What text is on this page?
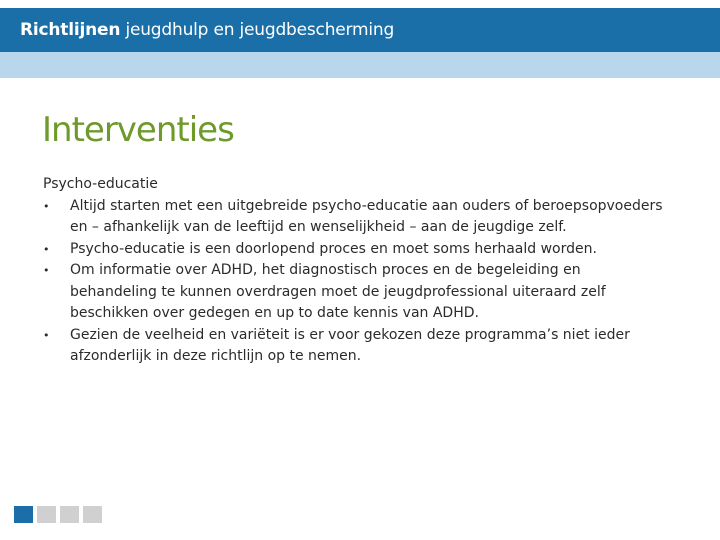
Richtlijnen jeugdhulp en jeugdbescherming
Interventies

Psycho-educatie

• Altijd starten met een uitgebreide psycho-educatie aan ouders of beroepsopvoeders en – afhankelijk van de leeftijd en wenselijkheid – aan de jeugdige zelf.
• Psycho-educatie is een doorlopend proces en moet soms herhaald worden.
• Om informatie over ADHD, het diagnostisch proces en de begeleiding en behandeling te kunnen overdragen moet de jeugdprofessional uiteraard zelf beschikken over gedegen en up to date kennis van ADHD.
• Gezien de veelheid en variëteit is er voor gekozen deze programma’s niet ieder afzonderlijk in deze richtlijn op te nemen.
